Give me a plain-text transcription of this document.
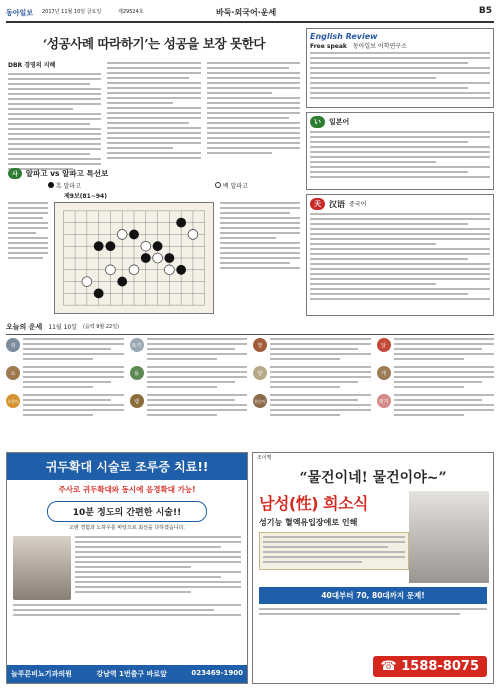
동아일보 2017년 11월 10일 금요일	제29524호	바둑·외국어·운세	B5
‘성공사례 따라하기’는 성공을 보장 못한다
DBR 경영의 지혜
사	알파고 vs 알파고 특선보
흑 알파고	백 알파고
제9보(81~94)
English Review
Free speak 동아일보 어학연구소
い	일본어
天	汉语 중국어
오늘의 운세 11월 10일 (음력 9월 22일)
쥐
소
호랑이
토끼
용
뱀
말
양
원숭이
닭
개
돼지
귀두확대 시술로 조루증 치료!!
주사로 귀두확대와 동시에 음경확대 가능!
10분 정도의 간편한 시술!!
오랜 경험과 노하우를 바탕으로 최선을 다하겠습니다.
늘푸른비뇨기과의원	강남역 1번출구 바로앞	023469-1900
조이맥
“물건이네! 물건이야~”
남성(性) 희소식
성기능 혈액유입장애로 인해
40대부터 70, 80대까지 문제!
☎ 1588-8075
